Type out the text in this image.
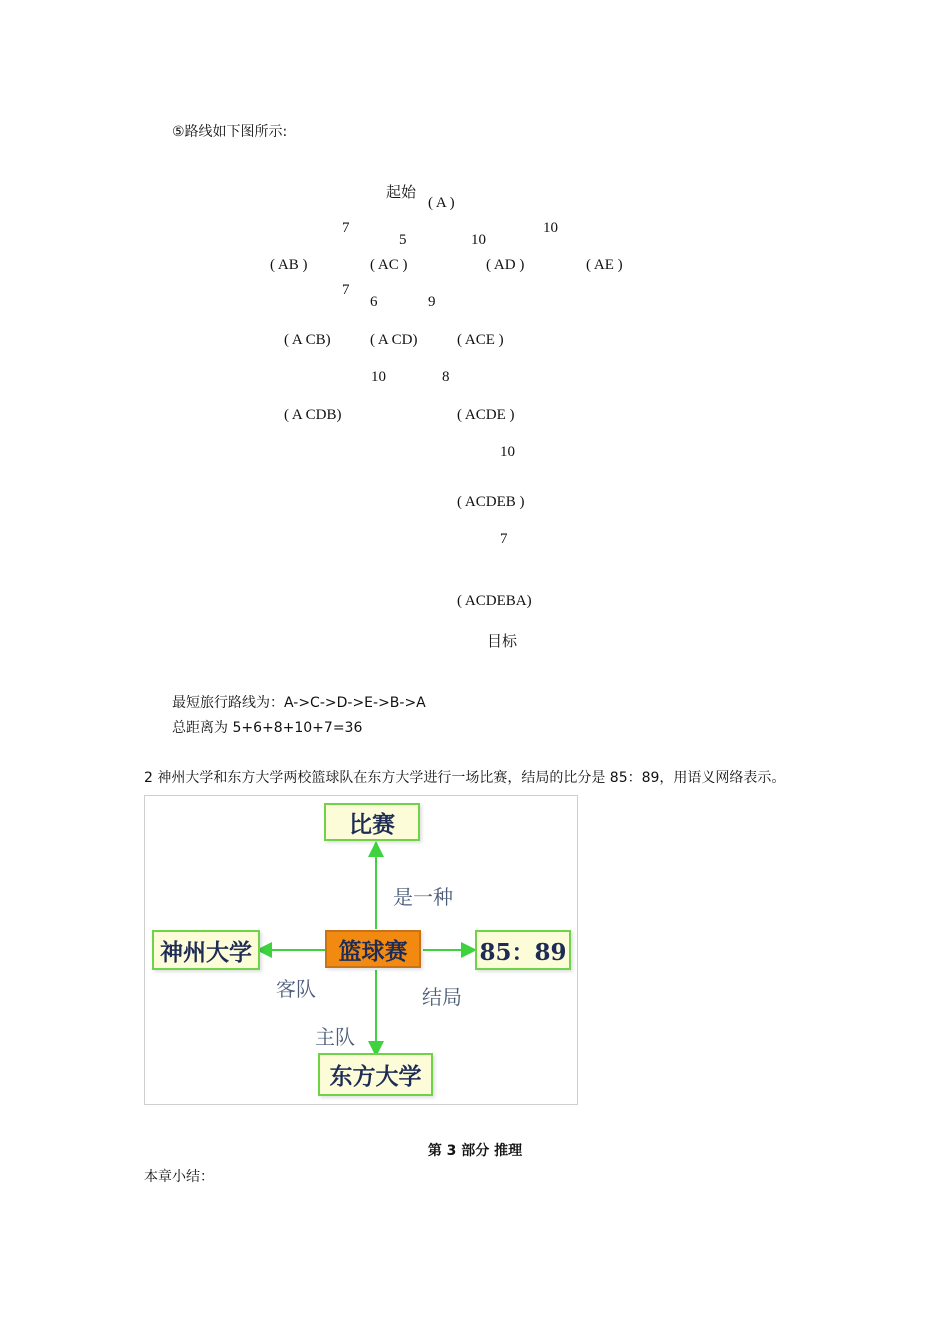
⑤路线如下图所示:
起始
( A )
7
5	10
10
( AB )	( AC )	( AD )	( AE )
7
6	9
( A CB)	( A CD)	( ACE )
10	8
( A CDB)	( ACDE )
10
( ACDEB )
7
( ACDEBA)
目标
最短旅行路线为：A->C->D->E->B->A
总距离为 5+6+8+10+7=36
2 神州大学和东方大学两校篮球队在东方大学进行一场比赛，结局的比分是 85：89，用语义网络表示。
比赛
篮球赛
神州大学	85：89
东方大学
是一种
客队	结局
主队
第 3 部分 推理
本章小结：
